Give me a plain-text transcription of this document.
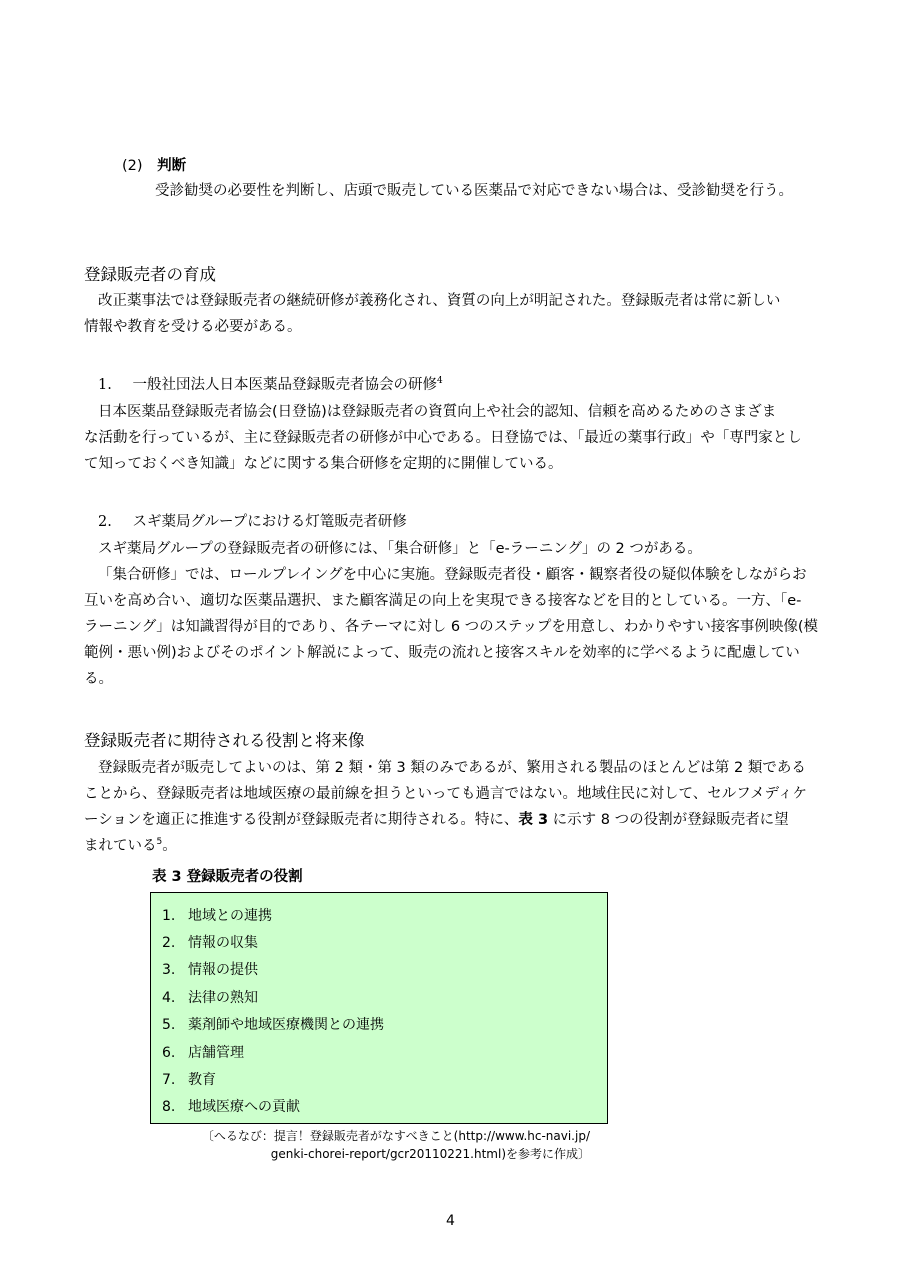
(2) 判断
受診勧奨の必要性を判断し、店頭で販売している医薬品で対応できない場合は、受診勧奨を行う。
登録販売者の育成

改正薬事法では登録販売者の継続研修が義務化され、資質の向上が明記された。登録販売者は常に新しい

情報や教育を受ける必要がある。

1. 一般社団法人日本医薬品登録販売者協会の研修$^4$

日本医薬品登録販売者協会(日登協)は登録販売者の資質向上や社会的認知、信頼を高めるためのさまざま

な活動を行っているが、主に登録販売者の研修が中心である。日登協では、「最近の薬事行政」や「専門家とし

て知っておくべき知識」などに関する集合研修を定期的に開催している。

2. スギ薬局グループにおける灯篭販売者研修

スギ薬局グループの登録販売者の研修には、「集合研修」と「e-ラーニング」の 2 つがある。

「集合研修」では、ロールプレイングを中心に実施。登録販売者役・顧客・観察者役の疑似体験をしながらお

互いを高め合い、適切な医薬品選択、また顧客満足の向上を実現できる接客などを目的としている。一方、「e-

ラーニング」は知識習得が目的であり、各テーマに対し 6 つのステップを用意し、わかりやすい接客事例映像(模

範例・悪い例)およびそのポイント解説によって、販売の流れと接客スキルを効率的に学べるように配慮してい

る。

登録販売者に期待される役割と将来像

登録販売者が販売してよいのは、第 2 類・第 3 類のみであるが、繁用される製品のほとんどは第 2 類である

ことから、登録販売者は地域医療の最前線を担うといっても過言ではない。地域住民に対して、セルフメディケ

ーションを適正に推進する役割が登録販売者に期待される。特に、表 3 に示す 8 つの役割が登録販売者に望

まれている$^5$。

表 3 登録販売者の役割
1. 地域との連携
2. 情報の収集
3. 情報の提供
4. 法律の熟知
5. 薬剤師や地域医療機関との連携
6. 店舗管理
7. 教育
8. 地域医療への貢献
〔へるなび：提言！登録販売者がなすべきこと(http://www.hc-navi.jp/
genki-chorei-report/gcr20110221.html)を参考に作成〕
4
